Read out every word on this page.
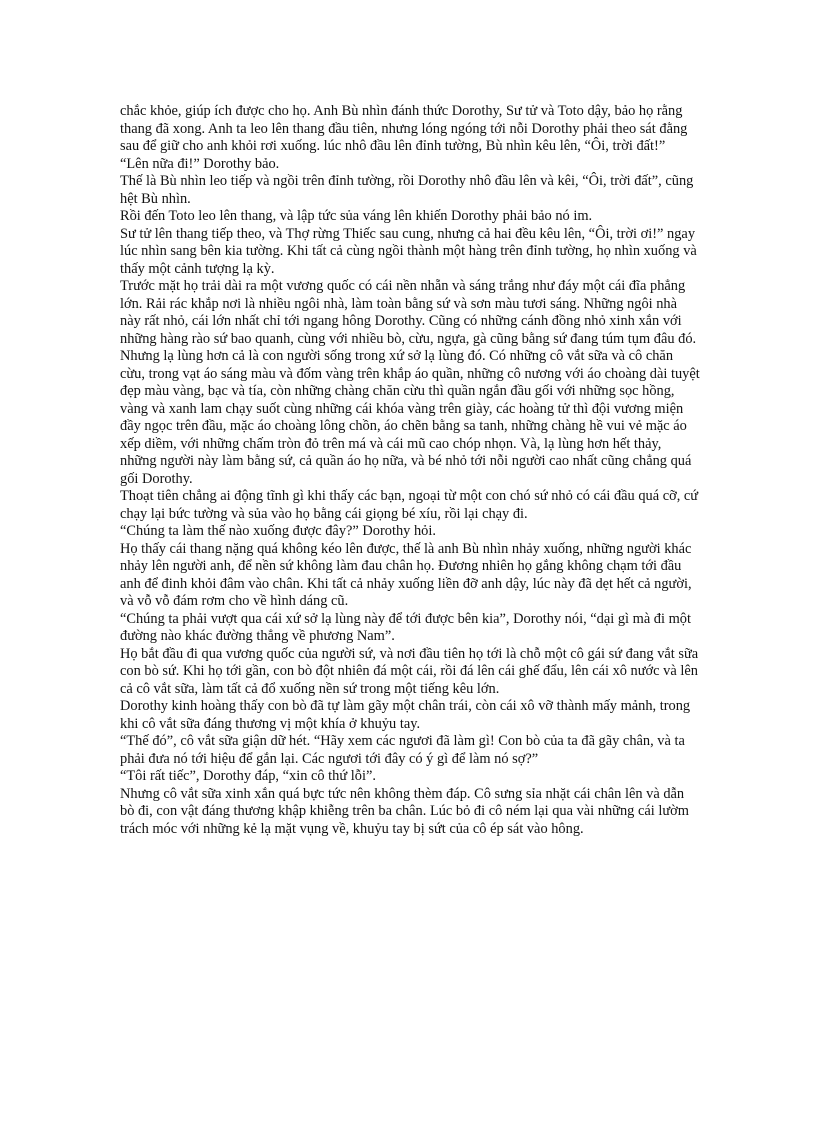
chắc khỏe, giúp ích được cho họ. Anh Bù nhìn đánh thức Dorothy, Sư tử và Toto dậy, bảo họ rằng thang đã xong. Anh ta leo lên thang đầu tiên, nhưng lóng ngóng tới nỗi Dorothy phải theo sát đằng sau để giữ cho anh khỏi rơi xuống. lúc nhô đầu lên đỉnh tường, Bù nhìn kêu lên, “Ôi, trời đất!”

“Lên nữa đi!” Dorothy bảo.

Thế là Bù nhìn leo tiếp và ngồi trên đỉnh tường, rồi Dorothy nhô đầu lên và kêi, “Ôi, trời đất”, cũng hệt Bù nhìn.

Rồi đến Toto leo lên thang, và lập tức sủa váng lên khiến Dorothy phải bảo nó im.

Sư tử lên thang tiếp theo, và Thợ rừng Thiếc sau cung, nhưng cả hai đều kêu lên, “Ôi, trời ơi!” ngay lúc nhìn sang bên kia tường. Khi tất cả cùng ngồi thành một hàng trên đỉnh tường, họ nhìn xuống và thấy một cảnh tượng lạ kỳ.

Trước mặt họ trải dài ra một vương quốc có cái nền nhẵn và sáng trắng như đáy một cái đĩa phẳng lớn. Rải rác khắp nơi là nhiều ngôi nhà, làm toàn bằng sứ và sơn màu tươi sáng. Những ngôi nhà này rất nhỏ, cái lớn nhất chỉ tới ngang hông Dorothy. Cũng có những cánh đồng nhỏ xinh xắn với những hàng rào sứ bao quanh, cùng với nhiều bò, cừu, ngựa, gà cũng bằng sứ đang túm tụm đâu đó.

Nhưng lạ lùng hơn cả là con người sống trong xứ sở lạ lùng đó. Có những cô vắt sữa và cô chăn cừu, trong vạt áo sáng màu và đốm vàng trên khắp áo quần, những cô nương với áo choàng dài tuyệt đẹp màu vàng, bạc và tía, còn những chàng chăn cừu thì quần ngắn đầu gối với những sọc hồng, vàng và xanh lam chạy suốt cùng những cái khóa vàng trên giày, các hoàng tử thì đội vương miện đầy ngọc trên đầu, mặc áo choàng lông chồn, áo chẽn bằng sa tanh, những chàng hề vui vẻ mặc áo xếp diềm, với những chấm tròn đỏ trên má và cái mũ cao chóp nhọn. Và, lạ lùng hơn hết thảy, những người này làm bằng sứ, cả quần áo họ nữa, và bé nhỏ tới nỗi người cao nhất cũng chẳng quá gối Dorothy.

Thoạt tiên chẳng ai động tĩnh gì khi thấy các bạn, ngoại từ một con chó sứ nhỏ có cái đầu quá cỡ, cứ chạy lại bức tường và sủa vào họ bằng cái giọng bé xíu, rồi lại chạy đi.

“Chúng ta làm thế nào xuống được đây?” Dorothy hỏi.

Họ thấy cái thang nặng quá không kéo lên được, thế là anh Bù nhìn nhảy xuống, những người khác nhảy lên người anh, để nền sứ không làm đau chân họ. Đương nhiên họ gắng không chạm tới đầu anh để đinh khỏi đâm vào chân. Khi tất cả nhảy xuống liền đỡ anh dậy, lúc này đã dẹt hết cả người, và vỗ vỗ đám rơm cho về hình dáng cũ.

“Chúng ta phải vượt qua cái xứ sở lạ lùng này để tới được bên kia”, Dorothy nói, “dại gì mà đi một đường nào khác đường thẳng về phương Nam”.

Họ bắt đầu đi qua vương quốc của người sứ, và nơi đầu tiên họ tới là chỗ một cô gái sứ đang vắt sữa con bò sứ. Khi họ tới gần, con bò đột nhiên đá một cái, rồi đá lên cái ghế đẩu, lên cái xô nước và lên cả cô vắt sữa, làm tất cả đổ xuống nền sứ trong một tiếng kêu lớn.

Dorothy kinh hoàng thấy con bò đã tự làm gãy một chân trái, còn cái xô vỡ thành mấy mảnh, trong khi cô vắt sữa đáng thương vị một khía ở khuỷu tay.

“Thế đó”, cô vắt sữa giận dữ hét. “Hãy xem các ngươi đã làm gì! Con bò của ta đã gãy chân, và ta phải đưa nó tới hiệu để gắn lại. Các ngươi tới đây có ý gì để làm nó sợ?”

“Tôi rất tiếc”, Dorothy đáp, “xin cô thứ lỗi”.

Nhưng cô vắt sữa xinh xắn quá bực tức nên không thèm đáp. Cô sưng sỉa nhặt cái chân lên và dẫn bò đi, con vật đáng thương khập khiễng trên ba chân. Lúc bỏ đi cô ném lại qua vài những cái lườm trách móc với những kẻ lạ mặt vụng về, khuỷu tay bị sứt của cô ép sát vào hông.
